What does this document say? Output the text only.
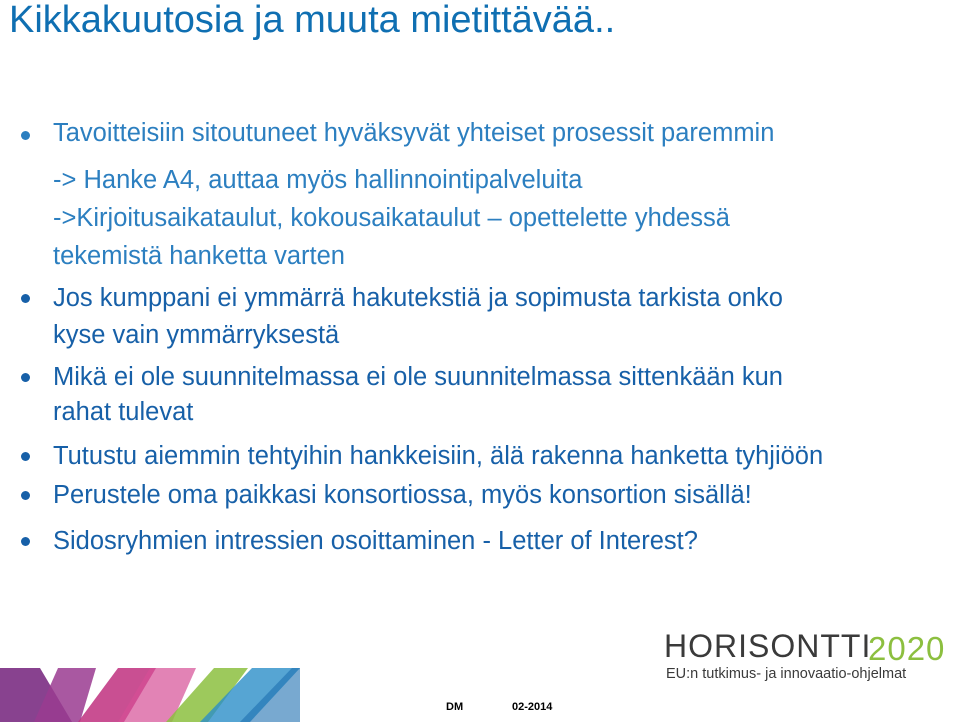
Kikkakuutosia ja muuta mietittävää..
Tavoitteisiin sitoutuneet hyväksyvät yhteiset prosessit paremmin
-> Hanke A4, auttaa myös hallinnointipalveluita
->Kirjoitusaikataulut, kokousaikataulut – opettelette yhdessä
tekemistä hanketta varten
Jos kumppani ei ymmärrä hakutekstiä ja sopimusta tarkista onko
kyse vain ymmärryksestä
Mikä ei ole suunnitelmassa ei ole suunnitelmassa sittenkään kun
rahat tulevat
Tutustu aiemmin tehtyihin hankkeisiin, älä rakenna hanketta tyhjiöön
Perustele oma paikkasi konsortiossa, myös konsortion sisällä!
Sidosryhmien intressien osoittaminen - Letter of Interest?
HORISONTTI
2020
EU:n tutkimus- ja innovaatio-ohjelmat
DM	02-2014
